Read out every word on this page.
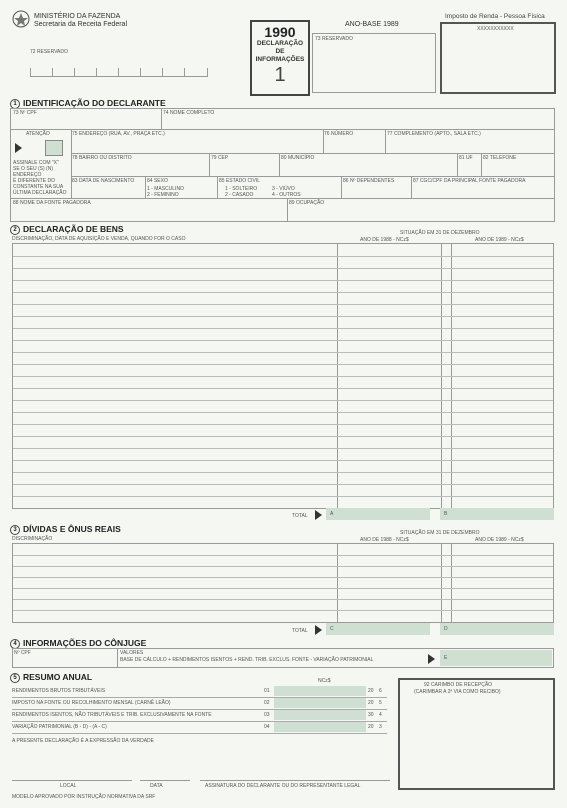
MINISTÉRIO DA FAZENDA
Secretaria da Receita Federal
72 RESERVADO
1990
DECLARAÇÃO
DE
INFORMAÇÕES
1
ANO-BASE 1989
73 RESERVADO
Imposto de Renda - Pessoa Física
XXXXXXXXXXX
1 IDENTIFICAÇÃO DO DECLARANTE
73 Nº CPF	74 NOME COMPLETO
ATENÇÃO
ASSINALE COM "X"
SE O SEU (S) (N)
ENDEREÇO
É DIFERENTE DO
CONSTANTE NA SUA
ÚLTIMA DECLARAÇÃO
75 ENDEREÇO (RUA, AV., PRAÇA ETC.)	76 NÚMERO	77 COMPLEMENTO (APTO., SALA ETC.)
78 BAIRRO OU DISTRITO	79 CEP	80 MUNICÍPIO	81 UF 82 TELEFONE
83 DATA DE NASCIMENTO	84 SEXO
1 - MASCULINO
2 - FEMININO
85 ESTADO CIVIL
1 - SOLTEIRO
2 - CASADO
3 - VIÚVO
4 - OUTROS
86 Nº DEPENDENTES	87 CGC/CPF DA PRINCIPAL FONTE PAGADORA
88 NOME DA FONTE PAGADORA	89 OCUPAÇÃO
2 DECLARAÇÃO DE BENS
DISCRIMINAÇÃO, DATA DE AQUISIÇÃO E VENDA, QUANDO FOR O CASO
SITUAÇÃO EM 31 DE DEZEMBRO
ANO DE 1988 - NCz$	ANO DE 1989 - NCz$
TOTAL	A	B
3 DÍVIDAS E ÔNUS REAIS
DISCRIMINAÇÃO
SITUAÇÃO EM 31 DE DEZEMBRO
ANO DE 1988 - NCz$	ANO DE 1989 - NCz$
TOTAL	C	D
4 INFORMAÇÕES DO CÔNJUGE
Nº CPF	VALORES
BASE DE CÁLCULO + RENDIMENTOS ISENTOS + REND. TRIB. EXCLUS. FONTE - VARIAÇÃO PATRIMONIAL	E
5 RESUMO ANUAL	NCz$
RENDIMENTOS BRUTOS TRIBUTÁVEIS	01	20 6
IMPOSTO NA FONTE OU RECOLHIMENTO MENSAL (CARNÊ LEÃO)	02	20 5
RENDIMENTOS ISENTOS, NÃO TRIBUTÁVEIS E TRIB. EXCLUSIVAMENTE NA FONTE	03	30 4
VARIAÇÃO PATRIMONIAL (B - D) - (A - C)	04	20 3
A PRESENTE DECLARAÇÃO É A EXPRESSÃO DA VERDADE
92 CARIMBO DE RECEPÇÃO
(CARIMBAR A 2ª VIA COMO RECIBO)
LOCAL	DATA	ASSINATURA DO DECLARANTE OU DO REPRESENTANTE LEGAL
MODELO APROVADO POR INSTRUÇÃO NORMATIVA DA SRF
